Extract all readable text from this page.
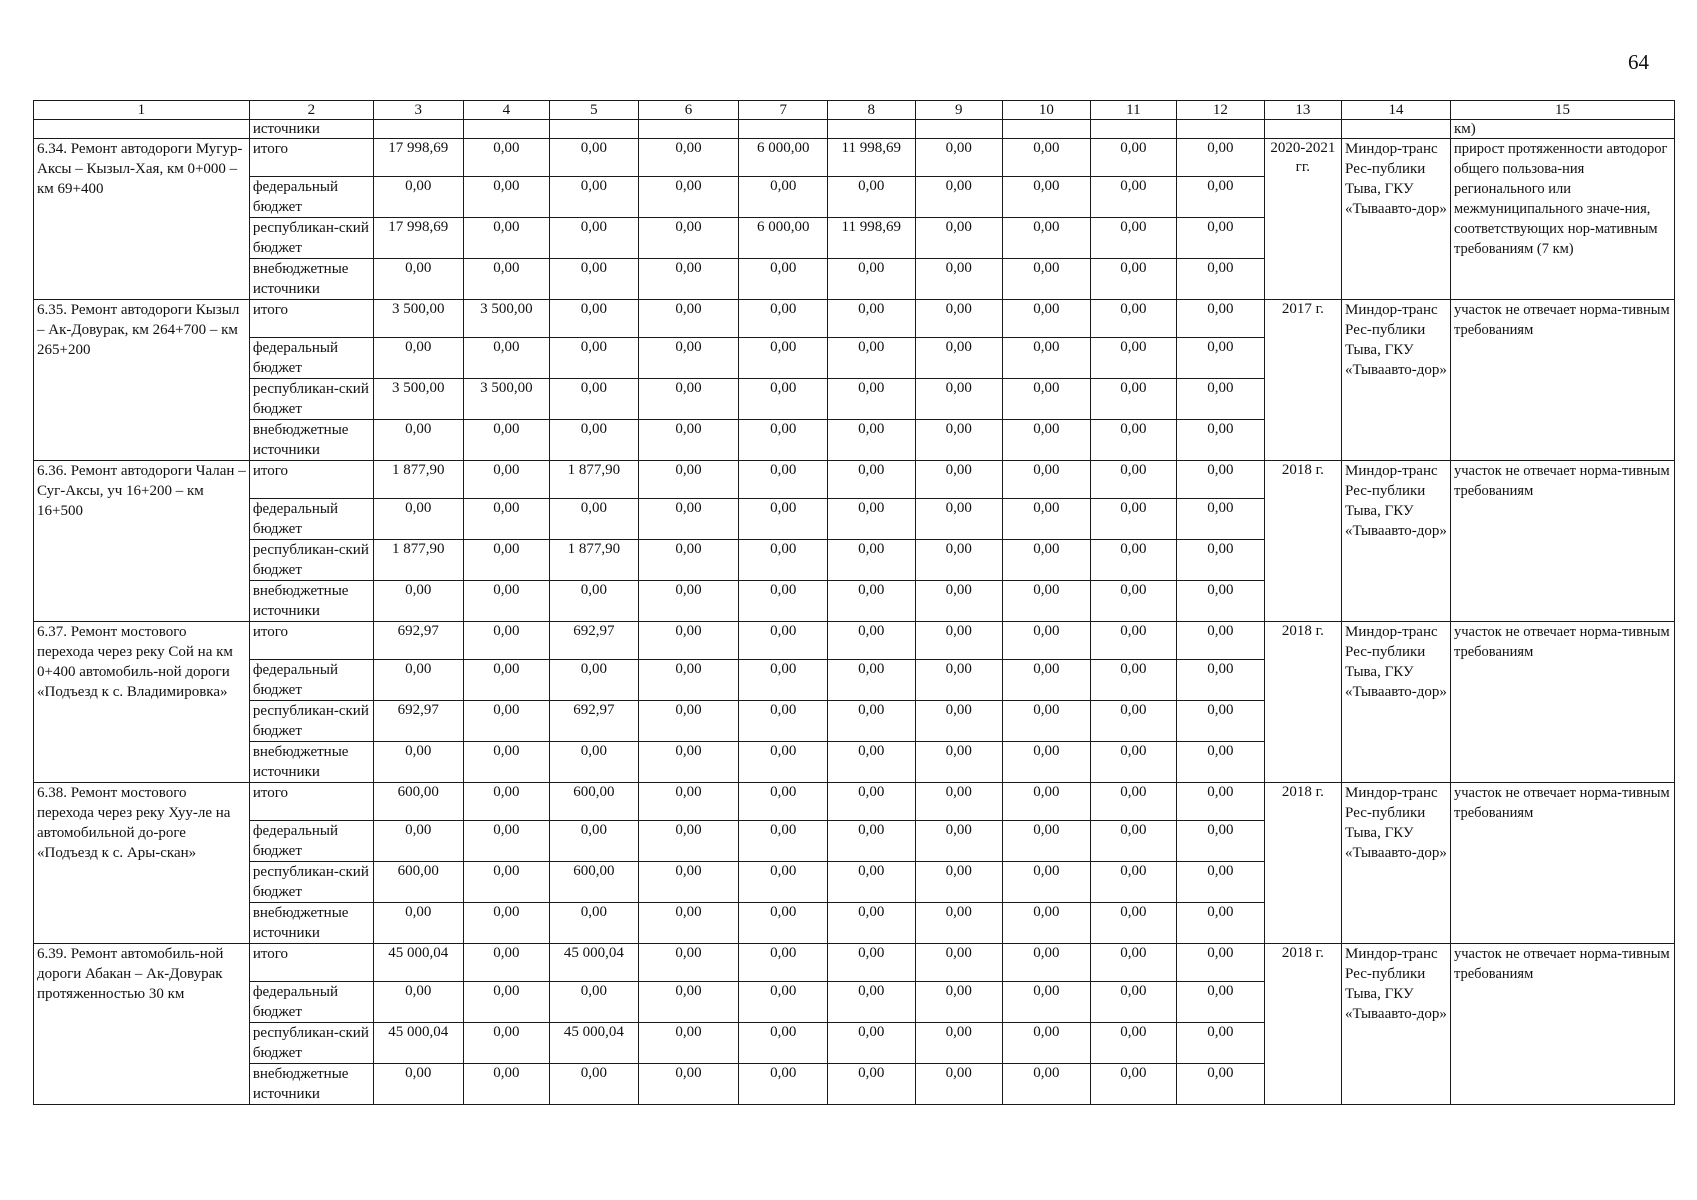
64
1	2	3	4	5	6	7	8	9	10	11	12	13	14	15
	источники													км)
6.34. Ремонт автодороги Мугур-Аксы – Кызыл-Хая, км 0+000 – км 69+400	итого	17 998,69	0,00	0,00	0,00	6 000,00	11 998,69	0,00	0,00	0,00	0,00	2020-2021 гг.	Миндор-транс Рес-публики Тыва, ГКУ «Тываавто-дор»	прирост протяженности автодорог общего пользова-ния регионального или межмуниципального значе-ния, соответствующих нор-мативным требованиям (7 км)
	федеральный бюджет	0,00	0,00	0,00	0,00	0,00	0,00	0,00	0,00	0,00	0,00			
	республикан-ский бюджет	17 998,69	0,00	0,00	0,00	6 000,00	11 998,69	0,00	0,00	0,00	0,00			
	внебюджетные источники	0,00	0,00	0,00	0,00	0,00	0,00	0,00	0,00	0,00	0,00			
6.35. Ремонт автодороги Кызыл – Ак-Довурак, км 264+700 – км 265+200	итого	3 500,00	3 500,00	0,00	0,00	0,00	0,00	0,00	0,00	0,00	0,00	2017 г.	Миндор-транс Рес-публики Тыва, ГКУ «Тываавто-дор»	участок не отвечает норма-тивным требованиям
	федеральный бюджет	0,00	0,00	0,00	0,00	0,00	0,00	0,00	0,00	0,00	0,00			
	республикан-ский бюджет	3 500,00	3 500,00	0,00	0,00	0,00	0,00	0,00	0,00	0,00	0,00			
	внебюджетные источники	0,00	0,00	0,00	0,00	0,00	0,00	0,00	0,00	0,00	0,00			
6.36. Ремонт автодороги Чалан – Суг-Аксы, уч 16+200 – км 16+500	итого	1 877,90	0,00	1 877,90	0,00	0,00	0,00	0,00	0,00	0,00	0,00	2018 г.	Миндор-транс Рес-публики Тыва, ГКУ «Тываавто-дор»	участок не отвечает норма-тивным требованиям
	федеральный бюджет	0,00	0,00	0,00	0,00	0,00	0,00	0,00	0,00	0,00	0,00			
	республикан-ский бюджет	1 877,90	0,00	1 877,90	0,00	0,00	0,00	0,00	0,00	0,00	0,00			
	внебюджетные источники	0,00	0,00	0,00	0,00	0,00	0,00	0,00	0,00	0,00	0,00			
6.37. Ремонт мостового перехода через реку Сой на км 0+400 автомобиль-ной дороги «Подъезд к с. Владимировка»	итого	692,97	0,00	692,97	0,00	0,00	0,00	0,00	0,00	0,00	0,00	2018 г.	Миндор-транс Рес-публики Тыва, ГКУ «Тываавто-дор»	участок не отвечает норма-тивным требованиям
	федеральный бюджет	0,00	0,00	0,00	0,00	0,00	0,00	0,00	0,00	0,00	0,00			
	республикан-ский бюджет	692,97	0,00	692,97	0,00	0,00	0,00	0,00	0,00	0,00	0,00			
	внебюджетные источники	0,00	0,00	0,00	0,00	0,00	0,00	0,00	0,00	0,00	0,00			
6.38. Ремонт мостового перехода через реку Хуу-ле на автомобильной до-роге «Подъезд к с. Ары-скан»	итого	600,00	0,00	600,00	0,00	0,00	0,00	0,00	0,00	0,00	0,00	2018 г.	Миндор-транс Рес-публики Тыва, ГКУ «Тываавто-дор»	участок не отвечает норма-тивным требованиям
	федеральный бюджет	0,00	0,00	0,00	0,00	0,00	0,00	0,00	0,00	0,00	0,00			
	республикан-ский бюджет	600,00	0,00	600,00	0,00	0,00	0,00	0,00	0,00	0,00	0,00			
	внебюджетные источники	0,00	0,00	0,00	0,00	0,00	0,00	0,00	0,00	0,00	0,00			
6.39. Ремонт автомобиль-ной дороги Абакан – Ак-Довурак протяженностью 30 км	итого	45 000,04	0,00	45 000,04	0,00	0,00	0,00	0,00	0,00	0,00	0,00	2018 г.	Миндор-транс Рес-публики Тыва, ГКУ «Тываавто-дор»	участок не отвечает норма-тивным требованиям
	федеральный бюджет	0,00	0,00	0,00	0,00	0,00	0,00	0,00	0,00	0,00	0,00			
	республикан-ский бюджет	45 000,04	0,00	45 000,04	0,00	0,00	0,00	0,00	0,00	0,00	0,00			
	внебюджетные источники	0,00	0,00	0,00	0,00	0,00	0,00	0,00	0,00	0,00	0,00			
